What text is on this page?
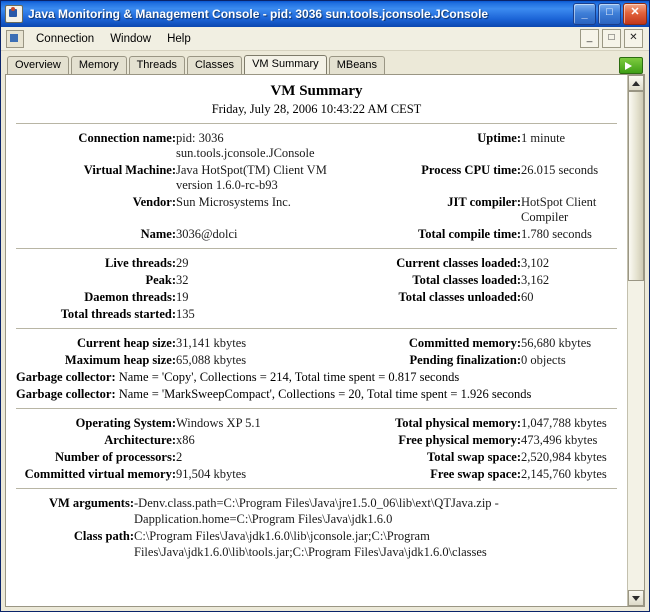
Java Monitoring & Management Console - pid: 3036 sun.tools.jconsole.JConsole	_	□	✕
Connection	Window	Help	_	□	✕
Overview	Memory	Threads	Classes	VM Summary	MBeans
VM Summary
Friday, July 28, 2006 10:43:22 AM CEST
Connection name:	pid: 3036 sun.tools.jconsole.JConsole	Uptime:	1 minute
Virtual Machine:	Java HotSpot(TM) Client VM version 1.6.0-rc-b93	Process CPU time:	26.015 seconds
Vendor:	Sun Microsystems Inc.	JIT compiler:	HotSpot Client Compiler
Name:	3036@dolci	Total compile time:	1.780 seconds
Live threads:	29	Current classes loaded:	3,102
Peak:	32	Total classes loaded:	3,162
Daemon threads:	19	Total classes unloaded:	60
Total threads started:	135		
Current heap size:	31,141 kbytes	Committed memory:	56,680 kbytes
Maximum heap size:	65,088 kbytes	Pending finalization:	0 objects
Garbage collector: Name = 'Copy', Collections = 214, Total time spent = 0.817 seconds
Garbage collector: Name = 'MarkSweepCompact', Collections = 20, Total time spent = 1.926 seconds
Operating System:	Windows XP 5.1	Total physical memory:	1,047,788 kbytes
Architecture:	x86	Free physical memory:	473,496 kbytes
Number of processors:	2	Total swap space:	2,520,984 kbytes
Committed virtual memory:	91,504 kbytes	Free swap space:	2,145,760 kbytes
VM arguments:	-Denv.class.path=C:\Program Files\Java\jre1.5.0_06\lib\ext\QTJava.zip -Dapplication.home=C:\Program Files\Java\jdk1.6.0
Class path:	C:\Program Files\Java\jdk1.6.0\lib\jconsole.jar;C:\Program Files\Java\jdk1.6.0\lib\tools.jar;C:\Program Files\Java\jdk1.6.0\classes
